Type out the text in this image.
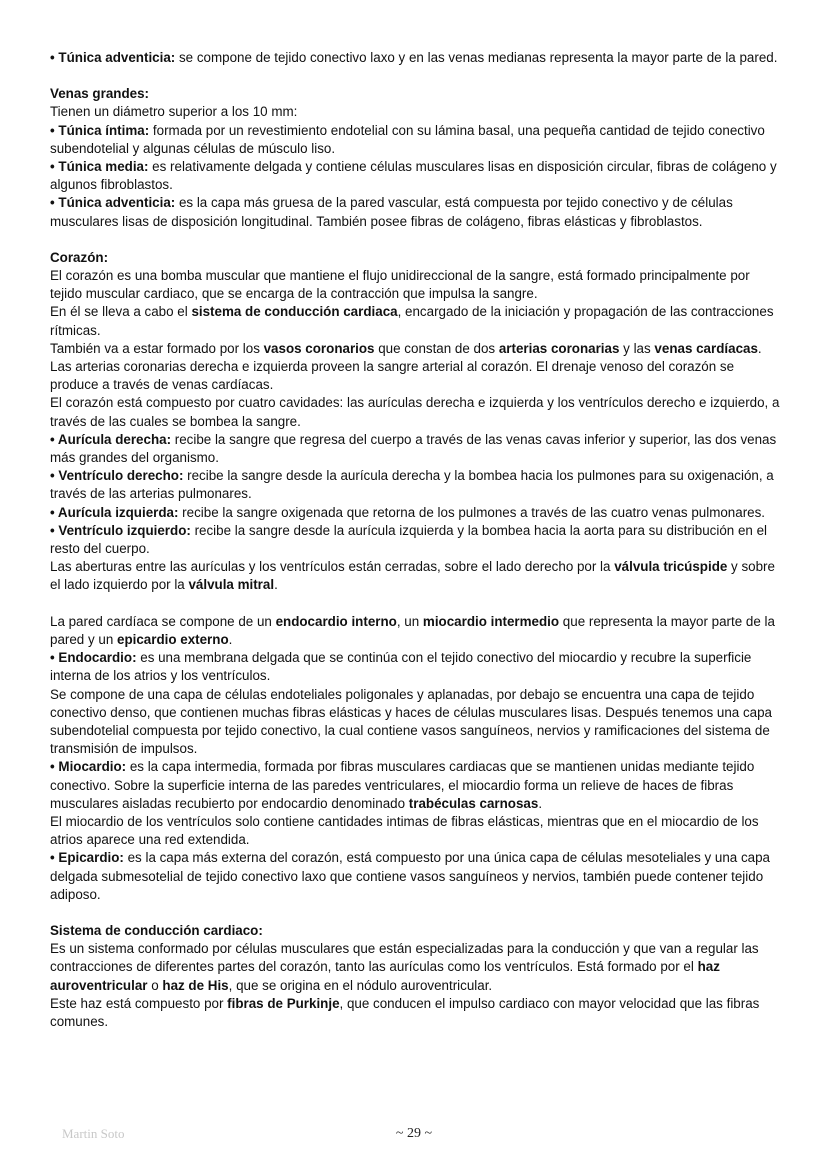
• Túnica adventicia: se compone de tejido conectivo laxo y en las venas medianas representa la mayor parte de la pared.

Venas grandes:

Tienen un diámetro superior a los 10 mm:

• Túnica íntima: formada por un revestimiento endotelial con su lámina basal, una pequeña cantidad de tejido conectivo subendotelial y algunas células de músculo liso.

• Túnica media: es relativamente delgada y contiene células musculares lisas en disposición circular, fibras de colágeno y algunos fibroblastos.

• Túnica adventicia: es la capa más gruesa de la pared vascular, está compuesta por tejido conectivo y de células musculares lisas de disposición longitudinal. También posee fibras de colágeno, fibras elásticas y fibroblastos.

Corazón:

El corazón es una bomba muscular que mantiene el flujo unidireccional de la sangre, está formado principalmente por tejido muscular cardiaco, que se encarga de la contracción que impulsa la sangre.

En él se lleva a cabo el sistema de conducción cardiaca, encargado de la iniciación y propagación de las contracciones rítmicas.

También va a estar formado por los vasos coronarios que constan de dos arterias coronarias y las venas cardíacas. Las arterias coronarias derecha e izquierda proveen la sangre arterial al corazón. El drenaje venoso del corazón se produce a través de venas cardíacas.

El corazón está compuesto por cuatro cavidades: las aurículas derecha e izquierda y los ventrículos derecho e izquierdo, a través de las cuales se bombea la sangre.

• Aurícula derecha: recibe la sangre que regresa del cuerpo a través de las venas cavas inferior y superior, las dos venas más grandes del organismo.

• Ventrículo derecho: recibe la sangre desde la aurícula derecha y la bombea hacia los pulmones para su oxigenación, a través de las arterias pulmonares.

• Aurícula izquierda: recibe la sangre oxigenada que retorna de los pulmones a través de las cuatro venas pulmonares.

• Ventrículo izquierdo: recibe la sangre desde la aurícula izquierda y la bombea hacia la aorta para su distribución en el resto del cuerpo.

Las aberturas entre las aurículas y los ventrículos están cerradas, sobre el lado derecho por la válvula tricúspide y sobre el lado izquierdo por la válvula mitral.

La pared cardíaca se compone de un endocardio interno, un miocardio intermedio que representa la mayor parte de la pared y un epicardio externo.

• Endocardio: es una membrana delgada que se continúa con el tejido conectivo del miocardio y recubre la superficie interna de los atrios y los ventrículos.

Se compone de una capa de células endoteliales poligonales y aplanadas, por debajo se encuentra una capa de tejido conectivo denso, que contienen muchas fibras elásticas y haces de células musculares lisas. Después tenemos una capa subendotelial compuesta por tejido conectivo, la cual contiene vasos sanguíneos, nervios y ramificaciones del sistema de transmisión de impulsos.

• Miocardio: es la capa intermedia, formada por fibras musculares cardiacas que se mantienen unidas mediante tejido conectivo. Sobre la superficie interna de las paredes ventriculares, el miocardio forma un relieve de haces de fibras musculares aisladas recubierto por endocardio denominado trabéculas carnosas.

El miocardio de los ventrículos solo contiene cantidades intimas de fibras elásticas, mientras que en el miocardio de los atrios aparece una red extendida.

• Epicardio: es la capa más externa del corazón, está compuesto por una única capa de células mesoteliales y una capa delgada submesotelial de tejido conectivo laxo que contiene vasos sanguíneos y nervios, también puede contener tejido adiposo.

Sistema de conducción cardiaco:

Es un sistema conformado por células musculares que están especializadas para la conducción y que van a regular las contracciones de diferentes partes del corazón, tanto las aurículas como los ventrículos. Está formado por el haz auroventricular o haz de His, que se origina en el nódulo auroventricular.

Este haz está compuesto por fibras de Purkinje, que conducen el impulso cardiaco con mayor velocidad que las fibras comunes.

Martin Soto	~ 29 ~
